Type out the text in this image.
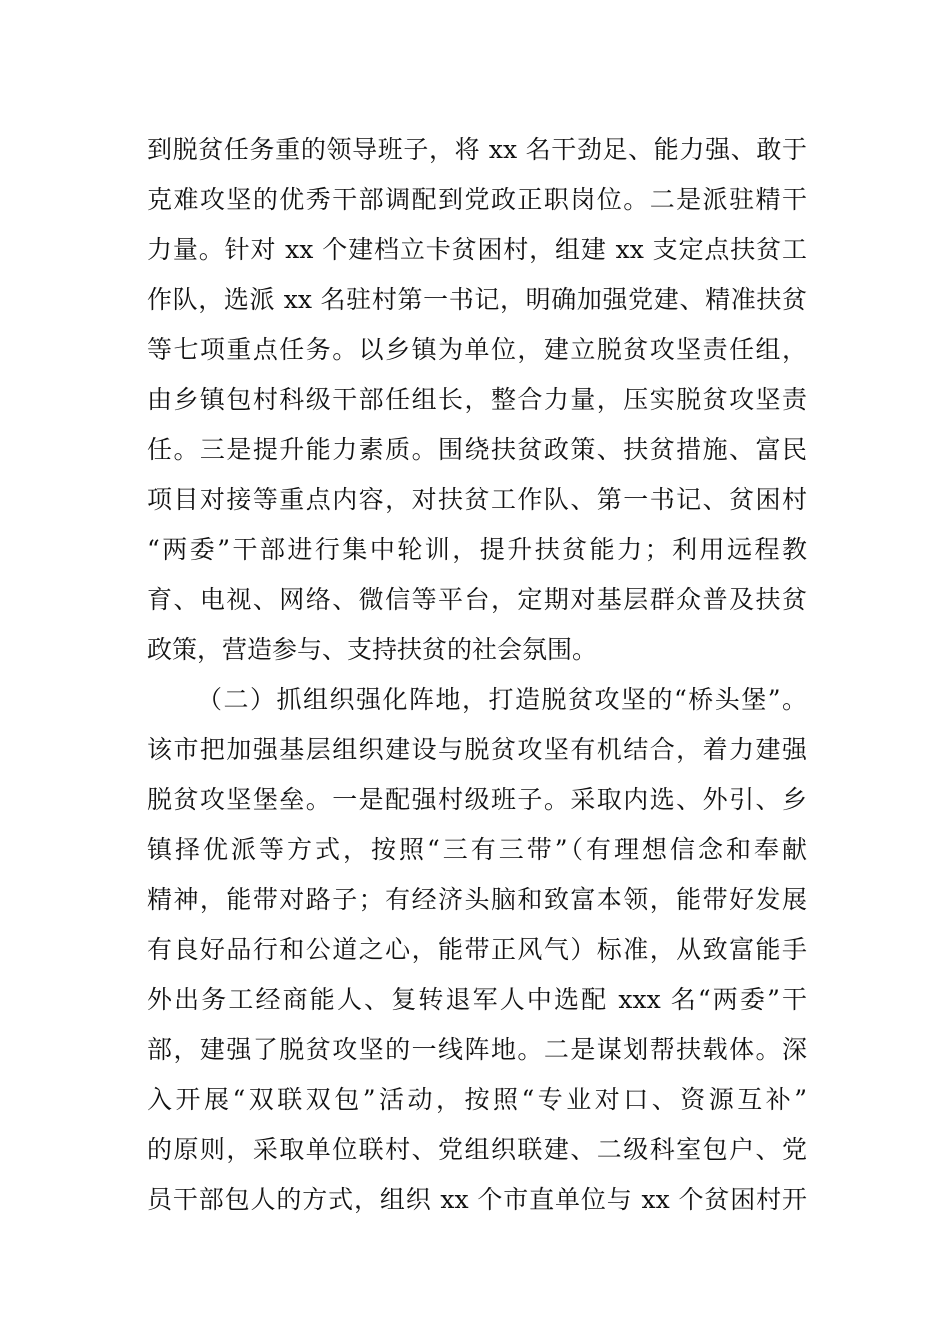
到脱贫任务重的领导班子，将 xx 名干劲足、能力强、敢于
克难攻坚的优秀干部调配到党政正职岗位。二是派驻精干
力量。针对 xx 个建档立卡贫困村，组建 xx 支定点扶贫工
作队，选派 xx 名驻村第一书记，明确加强党建、精准扶贫
等七项重点任务。以乡镇为单位，建立脱贫攻坚责任组，
由乡镇包村科级干部任组长，整合力量，压实脱贫攻坚责
任。三是提升能力素质。围绕扶贫政策、扶贫措施、富民
项目对接等重点内容，对扶贫工作队、第一书记、贫困村
“两委”干部进行集中轮训，提升扶贫能力；利用远程教
育、电视、网络、微信等平台，定期对基层群众普及扶贫
政策，营造参与、支持扶贫的社会氛围。
（二）抓组织强化阵地，打造脱贫攻坚的“桥头堡”。
该市把加强基层组织建设与脱贫攻坚有机结合，着力建强
脱贫攻坚堡垒。一是配强村级班子。采取内选、外引、乡
镇择优派等方式，按照“三有三带”（有理想信念和奉献
精神，能带对路子；有经济头脑和致富本领，能带好发展
有良好品行和公道之心，能带正风气）标准，从致富能手
外出务工经商能人、复转退军人中选配 xxx 名“两委”干
部，建强了脱贫攻坚的一线阵地。二是谋划帮扶载体。深
入开展“双联双包”活动，按照“专业对口、资源互补”
的原则，采取单位联村、党组织联建、二级科室包户、党
员干部包人的方式，组织 xx 个市直单位与 xx 个贫困村开
